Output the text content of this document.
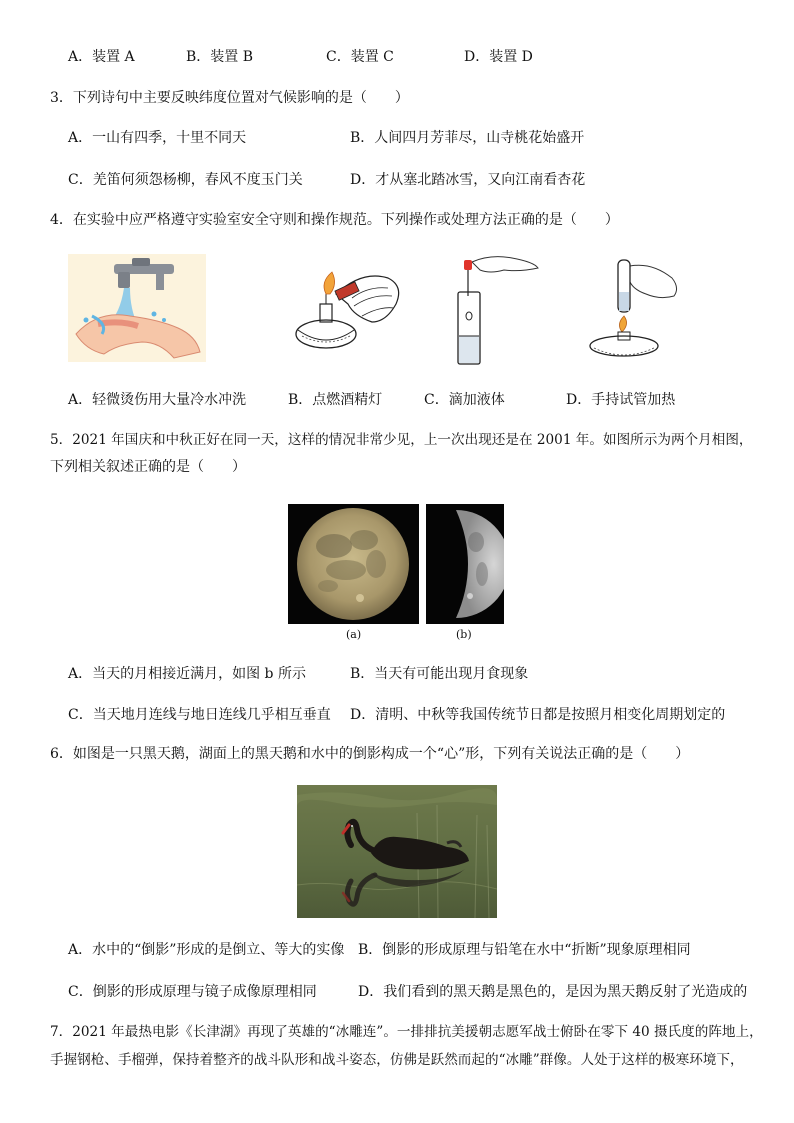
A．装置 A	B．装置 B	C．装置 C	D．装置 D
3．下列诗句中主要反映纬度位置对气候影响的是（　　）
A．一山有四季，十里不同天	B．人间四月芳菲尽，山寺桃花始盛开
C．羌笛何须怨杨柳，春风不度玉门关	D．才从塞北踏冰雪，又向江南看杏花
4．在实验中应严格遵守实验室安全守则和操作规范。下列操作或处理方法正确的是（　　）
A．轻微烫伤用大量冷水冲洗	B．点燃酒精灯	C．滴加液体	D．手持试管加热
5．2021 年国庆和中秋正好在同一天，这样的情况非常少见，上一次出现还是在 2001 年。如图所示为两个月相图，
下列相关叙述正确的是（　　）
(a)	(b)
A．当天的月相接近满月，如图 b 所示	B．当天有可能出现月食现象
C．当天地月连线与地日连线几乎相互垂直 D．清明、中秋等我国传统节日都是按照月相变化周期划定的
6．如图是一只黑天鹅，湖面上的黑天鹅和水中的倒影构成一个“心”形，下列有关说法正确的是（　　）
A．水中的“倒影”形成的是倒立、等大的实像 B．倒影的形成原理与铅笔在水中“折断”现象原理相同
C．倒影的形成原理与镜子成像原理相同	D．我们看到的黑天鹅是黑色的，是因为黑天鹅反射了光造成的
7．2021 年最热电影《长津湖》再现了英雄的“冰雕连”。一排排抗美援朝志愿军战士俯卧在零下 40 摄氏度的阵地上，
手握钢枪、手榴弹，保持着整齐的战斗队形和战斗姿态，仿佛是跃然而起的“冰雕”群像。人处于这样的极寒环境下，
